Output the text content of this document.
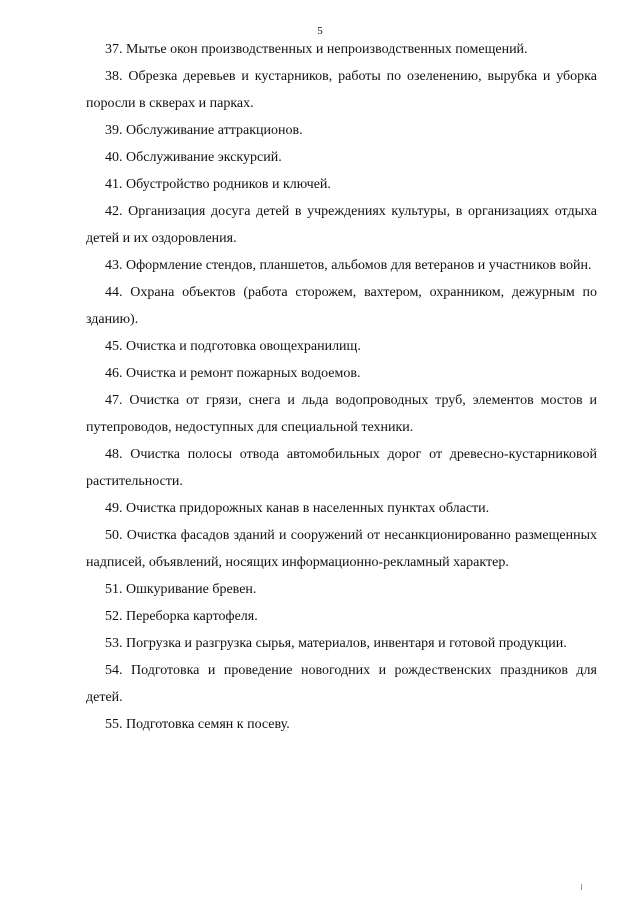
5

37. Мытье окон производственных и непроизводственных помещений.

38. Обрезка деревьев и кустарников, работы по озеленению, вырубка и уборка поросли в скверах и парках.

39. Обслуживание аттракционов.

40. Обслуживание экскурсий.

41. Обустройство родников и ключей.

42. Организация досуга детей в учреждениях культуры, в организациях отдыха детей и их оздоровления.

43. Оформление стендов, планшетов, альбомов для ветеранов и участников войн.

44. Охрана объектов (работа сторожем, вахтером, охранником, дежурным по зданию).

45. Очистка и подготовка овощехранилищ.

46. Очистка и ремонт пожарных водоемов.

47. Очистка от грязи, снега и льда водопроводных труб, элементов мостов и путепроводов, недоступных для специальной техники.

48. Очистка полосы отвода автомобильных дорог от древесно-кустарниковой растительности.

49. Очистка придорожных канав в населенных пунктах области.

50. Очистка фасадов зданий и сооружений от несанкционированно размещенных надписей, объявлений, носящих информационно-рекламный характер.

51. Ошкуривание бревен.

52. Переборка картофеля.

53. Погрузка и разгрузка сырья, материалов, инвентаря и готовой продукции.

54. Подготовка и проведение новогодних и рождественских праздников для детей.

55. Подготовка семян к посеву.
